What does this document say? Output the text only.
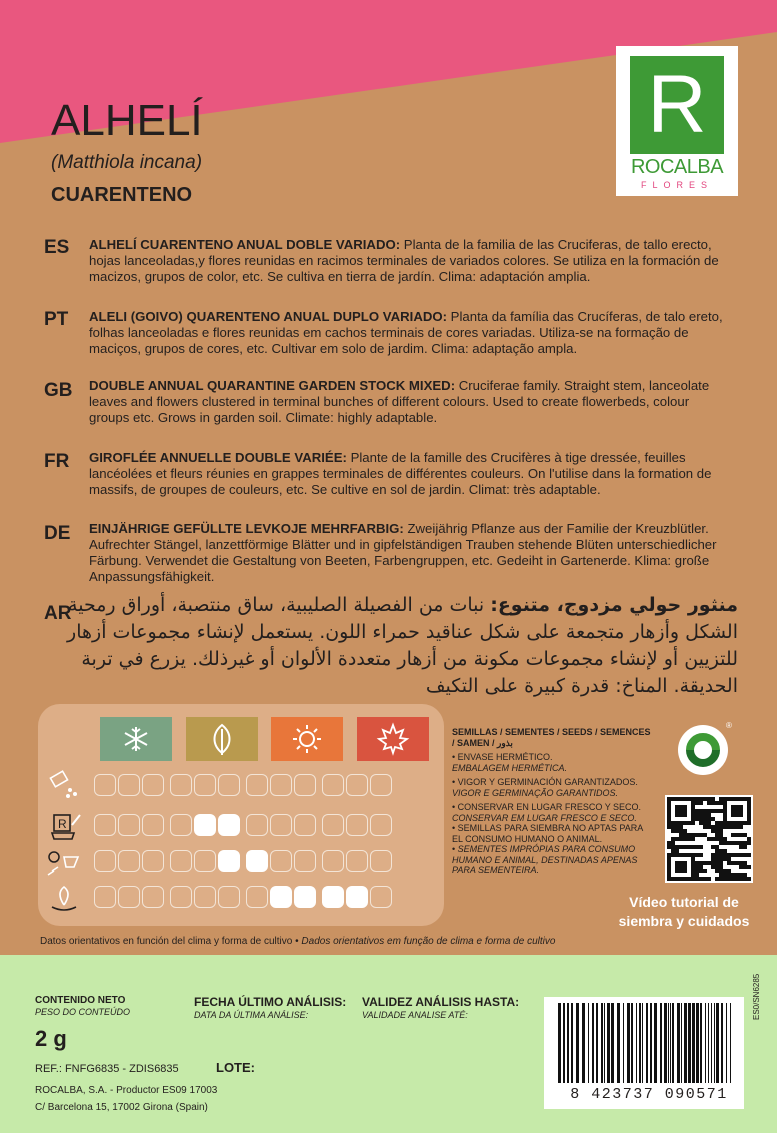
R
ROCALBA
FLORES
ALHELÍ
(Matthiola incana)
CUARENTENO
ES ALHELÍ CUARENTENO ANUAL DOBLE VARIADO: Planta de la familia de las Cruciferas, de tallo erecto, hojas lanceoladas,y flores reunidas en racimos terminales de variados colores. Se utiliza en la formación de macizos, grupos de color, etc. Se cultiva en tierra de jardín. Clima: adaptación amplia.
PT ALELI (GOIVO) QUARENTENO ANUAL DUPLO VARIADO: Planta da família das Crucíferas, de talo ereto, folhas lanceoladas e flores reunidas em cachos terminais de cores variadas. Utiliza-se na formação de maciços, grupos de cores, etc. Cultivar em solo de jardim. Clima: adaptação ampla.
GB DOUBLE ANNUAL QUARANTINE GARDEN STOCK MIXED: Cruciferae family. Straight stem, lanceolate leaves and flowers clustered in terminal bunches of different colours. Used to create flowerbeds, colour groups etc. Grows in garden soil. Climate: highly adaptable.
FR GIROFLÉE ANNUELLE DOUBLE VARIÉE: Plante de la famille des Crucifères à tige dressée, feuilles lancéolées et fleurs réunies en grappes terminales de différentes couleurs. On l'utilise dans la formation de massifs, de groupes de couleurs, etc. Se cultive en sol de jardin. Climat: très adaptable.
DE EINJÄHRIGE GEFÜLLTE LEVKOJE MEHRFARBIG: Zweijährig Pflanze aus der Familie der Kreuzblütler. Aufrechter Stängel, lanzettförmige Blätter und in gipfelständigen Trauben stehende Blüten unterschiedlicher Färbung. Verwendet die Gestaltung von Beeten, Farbengruppen, etc. Gedeiht in Gartenerde. Klima: große Anpassungsfähigkeit.
AR	منثور حولي مزدوج، متنوع: نبات من الفصيلة الصليبية، ساق منتصبة، أوراق رمحية الشكل وأزهار متجمعة على شكل عناقيد حمراء اللون. يستعمل لإنشاء مجموعات أزهار للتزيين أو لإنشاء مجموعات مكونة من أزهار متعددة الألوان أو غيرذلك. يزرع في تربة الحديقة. المناخ: قدرة كبيرة على التكيف
R
SEMILLAS / SEMENTES / SEEDS / SEMENCES / SAMEN / بذور
• ENVASE HERMÉTICO.
EMBALAGEM HERMÉTICA.
• VIGOR Y GERMINACIÓN GARANTIZADOS.
VIGOR E GERMINAÇÃO GARANTIDOS.
• CONSERVAR EN LUGAR FRESCO Y SECO.
CONSERVAR EM LUGAR FRESCO E SECO.
• SEMILLAS PARA SIEMBRA NO APTAS PARA EL CONSUMO HUMANO O ANIMAL.
• SEMENTES IMPRÓPIAS PARA CONSUMO HUMANO E ANIMAL, DESTINADAS APENAS PARA SEMENTEIRA.
®
Vídeo tutorial de
siembra y cuidados
Datos orientativos en función del clima y forma de cultivo • Dados orientativos em função de clima e forma de cultivo
CONTENIDO NETO
PESO DO CONTEÚDO
2 g
FECHA ÚLTIMO ANÁLISIS:
DATA DA ÚLTIMA ANÁLISE:
VALIDEZ ANÁLISIS HASTA:
VALIDADE ANALISE ATÉ:
REF.: FNFG6835 - ZDIS6835	LOTE:
ROCALBA, S.A. - Productor ES09 17003
C/ Barcelona 15, 17002 Girona (Spain)
8 423737 090571
ES0/SN6285
